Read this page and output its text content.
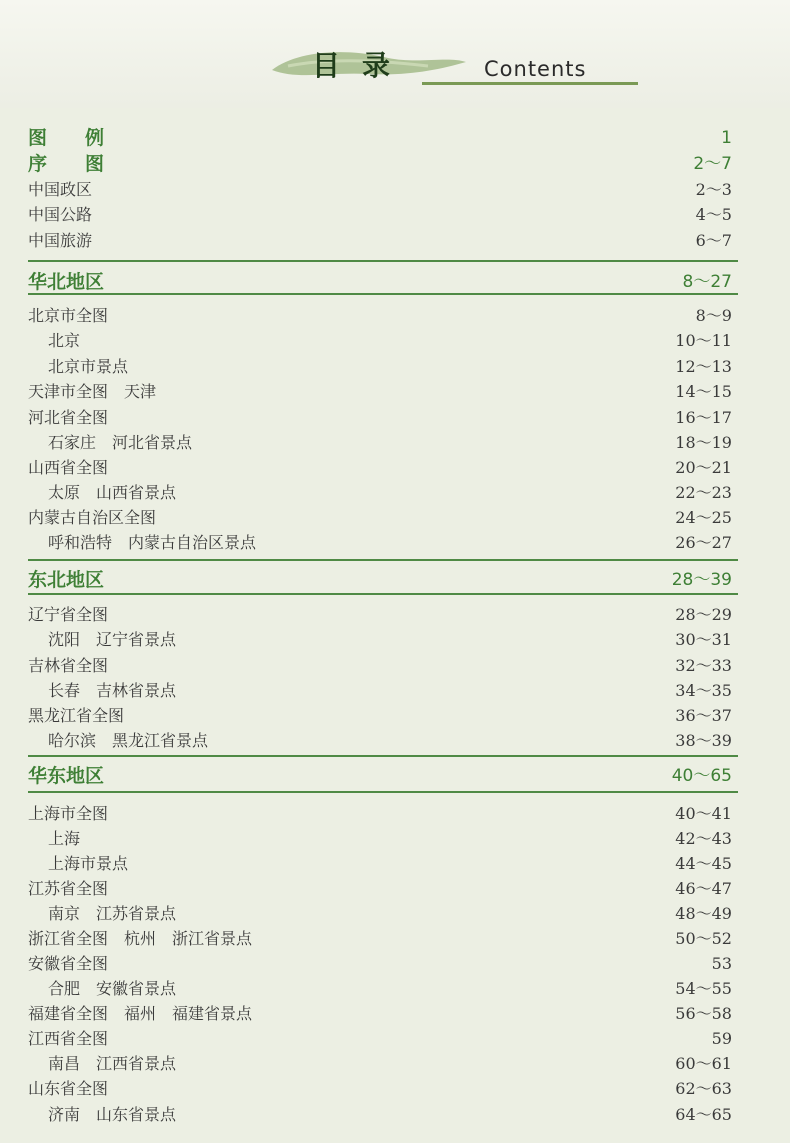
目录	Contents
图　　例	1
序　　图	2～7
中国政区	2～3
中国公路	4～5
中国旅游	6～7
华北地区	8～27
北京市全图	8～9
北京	10～11
北京市景点	12～13
天津市全图　天津	14～15
河北省全图	16～17
石家庄　河北省景点	18～19
山西省全图	20～21
太原　山西省景点	22～23
内蒙古自治区全图	24～25
呼和浩特　内蒙古自治区景点	26～27
东北地区	28～39
辽宁省全图	28～29
沈阳　辽宁省景点	30～31
吉林省全图	32～33
长春　吉林省景点	34～35
黑龙江省全图	36～37
哈尔滨　黑龙江省景点	38～39
华东地区	40～65
上海市全图	40～41
上海	42～43
上海市景点	44～45
江苏省全图	46～47
南京　江苏省景点	48～49
浙江省全图　杭州　浙江省景点	50～52
安徽省全图	53
合肥　安徽省景点	54～55
福建省全图　福州　福建省景点	56～58
江西省全图	59
南昌　江西省景点	60～61
山东省全图	62～63
济南　山东省景点	64～65
